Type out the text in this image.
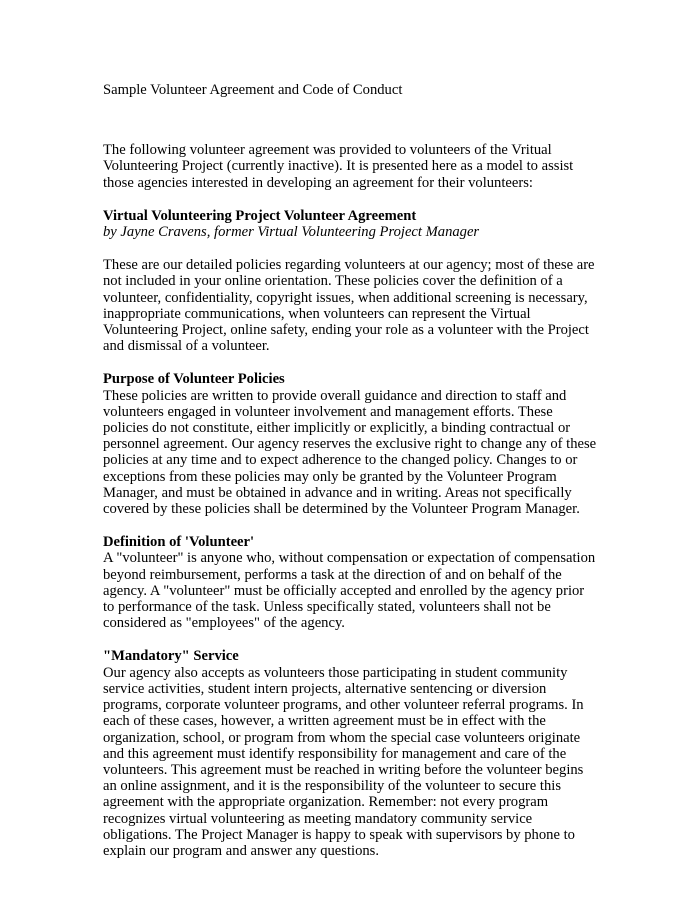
Sample Volunteer Agreement and Code of Conduct

The following volunteer agreement was provided to volunteers of the Vritual Volunteering Project (currently inactive). It is presented here as a model to assist those agencies interested in developing an agreement for their volunteers:

Virtual Volunteering Project Volunteer Agreement

by Jayne Cravens, former Virtual Volunteering Project Manager

These are our detailed policies regarding volunteers at our agency; most of these are not included in your online orientation. These policies cover the definition of a volunteer, confidentiality, copyright issues, when additional screening is necessary, inappropriate communications, when volunteers can represent the Virtual Volunteering Project, online safety, ending your role as a volunteer with the Project and dismissal of a volunteer.

Purpose of Volunteer Policies

These policies are written to provide overall guidance and direction to staff and volunteers engaged in volunteer involvement and management efforts. These policies do not constitute, either implicitly or explicitly, a binding contractual or personnel agreement. Our agency reserves the exclusive right to change any of these policies at any time and to expect adherence to the changed policy. Changes to or exceptions from these policies may only be granted by the Volunteer Program Manager, and must be obtained in advance and in writing. Areas not specifically covered by these policies shall be determined by the Volunteer Program Manager.

Definition of 'Volunteer'

A "volunteer" is anyone who, without compensation or expectation of compensation beyond reimbursement, performs a task at the direction of and on behalf of the agency. A "volunteer" must be officially accepted and enrolled by the agency prior to performance of the task. Unless specifically stated, volunteers shall not be considered as "employees" of the agency.

"Mandatory" Service

Our agency also accepts as volunteers those participating in student community service activities, student intern projects, alternative sentencing or diversion programs, corporate volunteer programs, and other volunteer referral programs. In each of these cases, however, a written agreement must be in effect with the organization, school, or program from whom the special case volunteers originate and this agreement must identify responsibility for management and care of the volunteers. This agreement must be reached in writing before the volunteer begins an online assignment, and it is the responsibility of the volunteer to secure this agreement with the appropriate organization. Remember: not every program recognizes virtual volunteering as meeting mandatory community service obligations. The Project Manager is happy to speak with supervisors by phone to explain our program and answer any questions.
